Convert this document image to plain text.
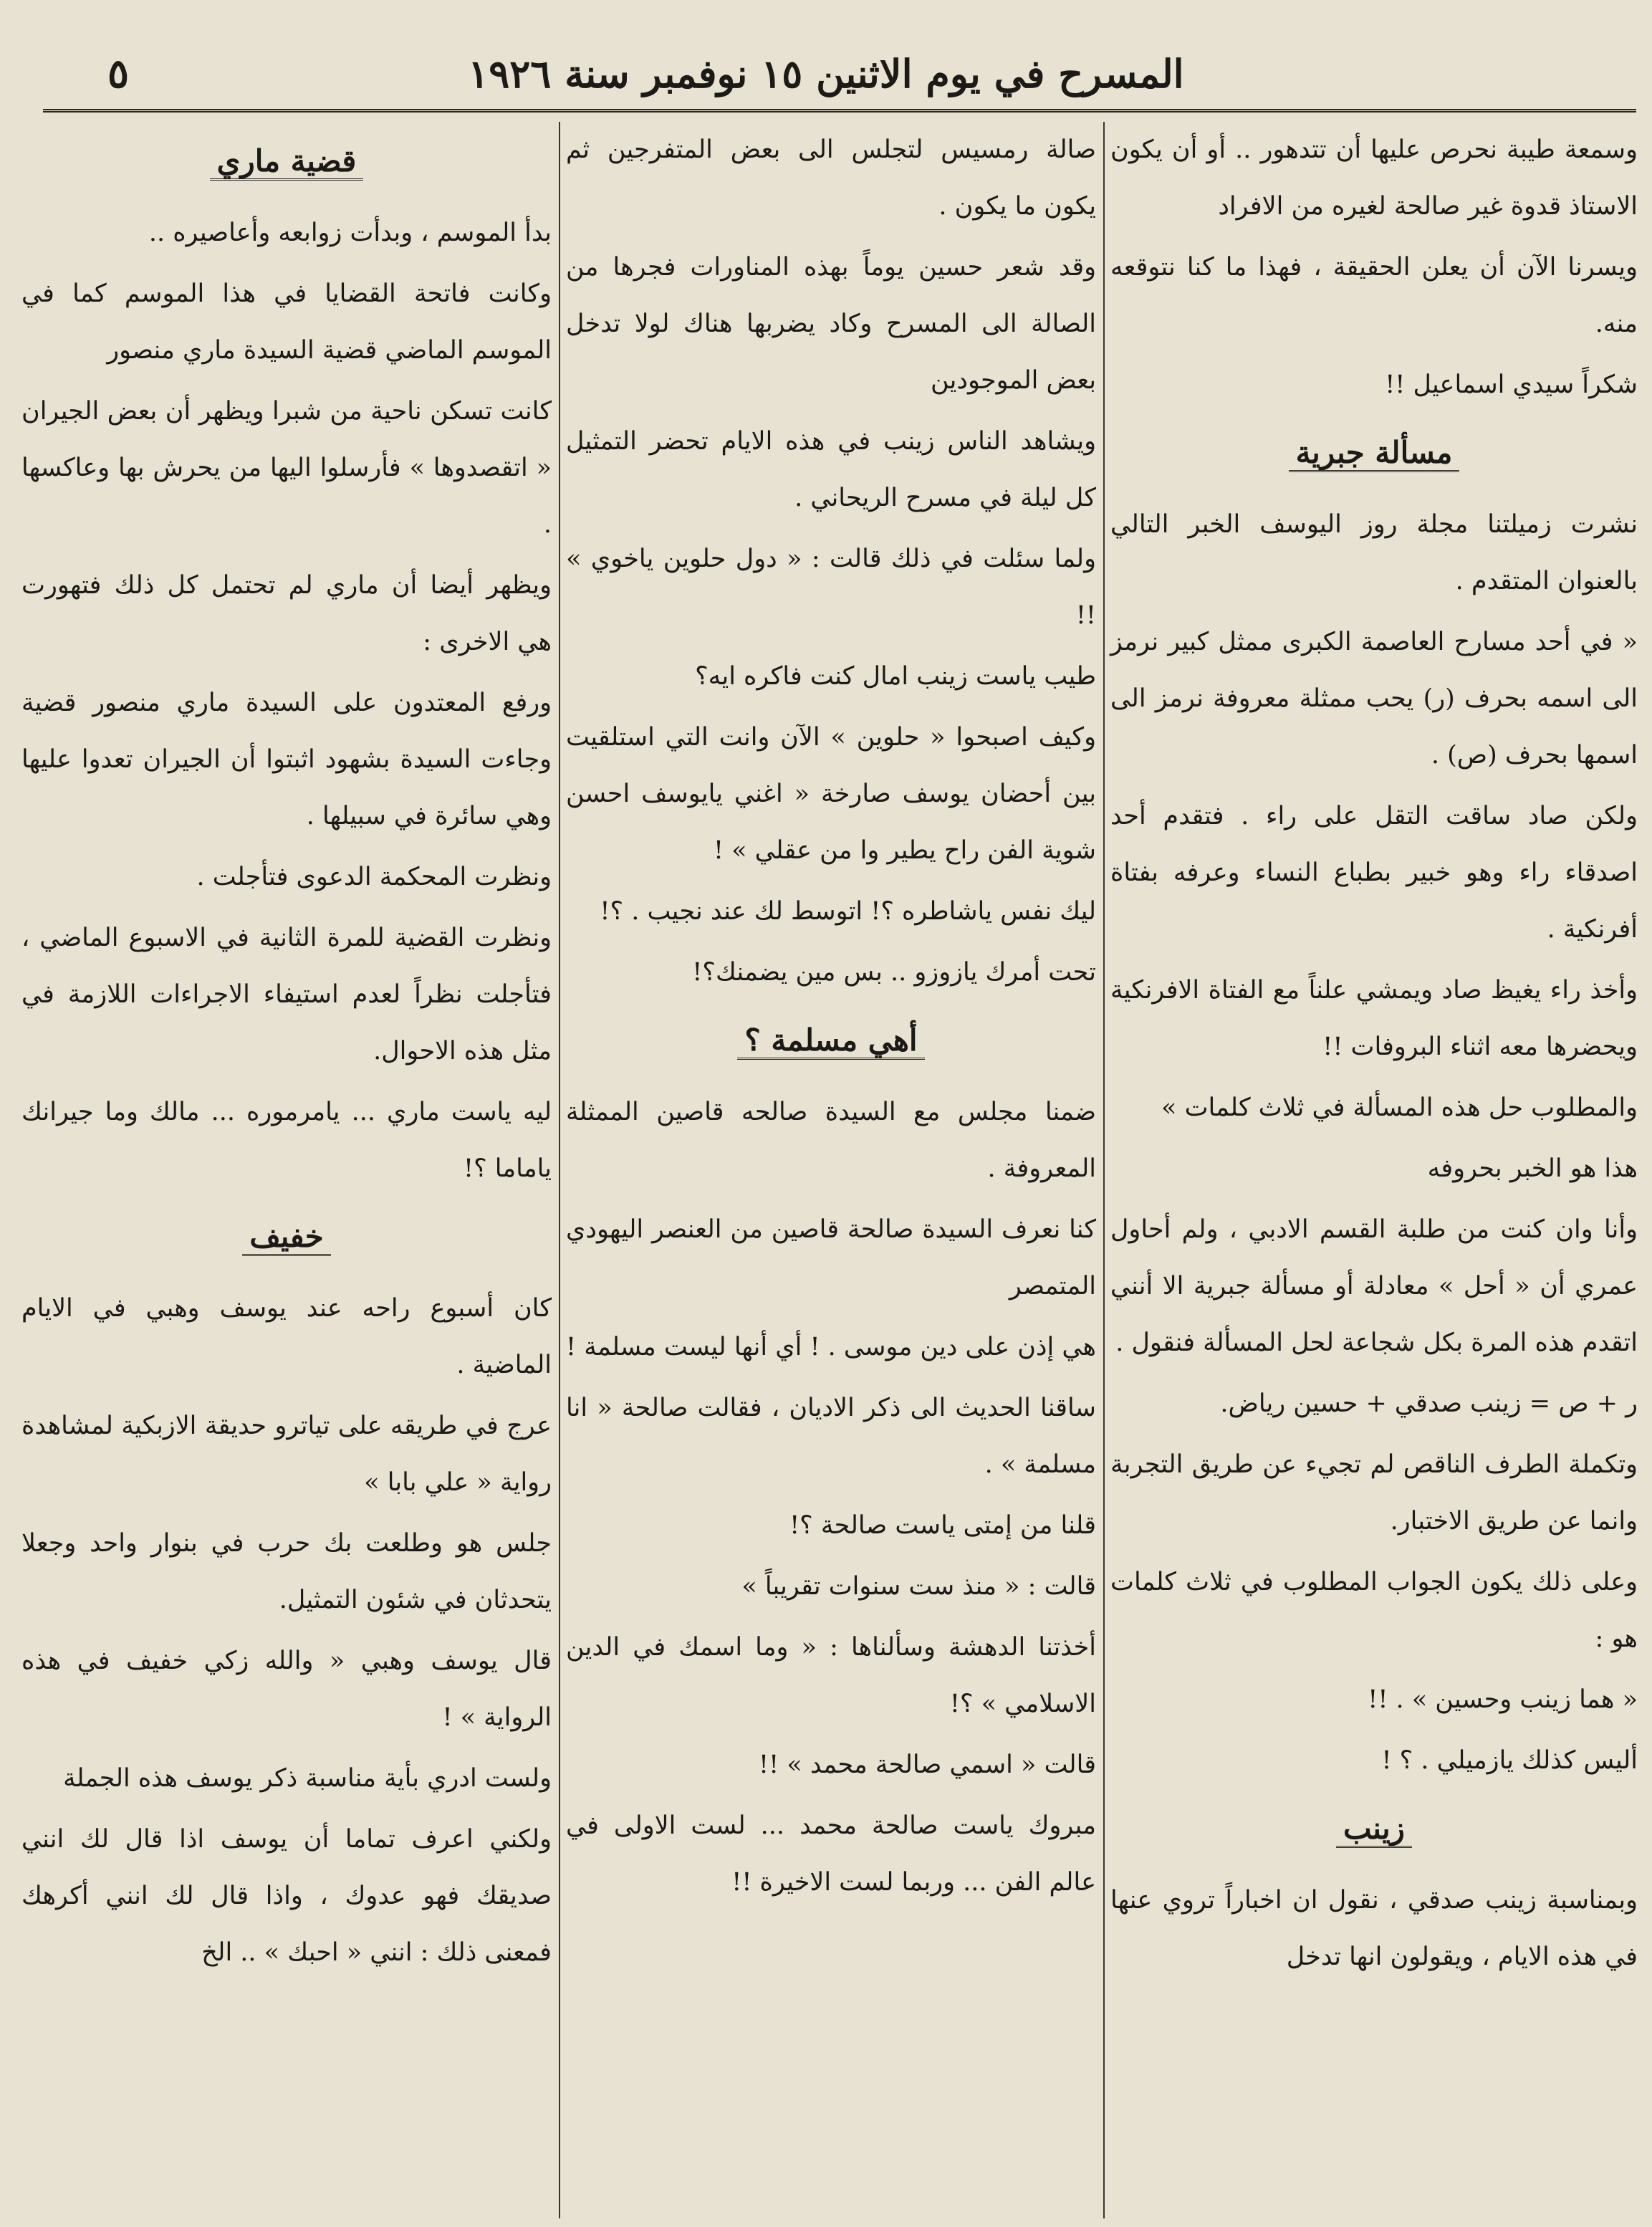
المسرح في يوم الاثنين ١٥ نوفمبر سنة ١٩٢٦
٥

وسمعة طيبة نحرص عليها أن تتدهور .. أو أن يكون الاستاذ قدوة غير صالحة لغيره من الافراد

ويسرنا الآن أن يعلن الحقيقة ، فهذا ما كنا نتوقعه منه.

شكراً سيدي اسماعيل !!

مسألة جبرية

نشرت زميلتنا مجلة روز اليوسف الخبر التالي بالعنوان المتقدم .

« في أحد مسارح العاصمة الكبرى ممثل كبير نرمز الى اسمه بحرف (ر) يحب ممثلة معروفة نرمز الى اسمها بحرف (ص) .

ولكن صاد ساقت التقل على راء . فتقدم أحد اصدقاء راء وهو خبير بطباع النساء وعرفه بفتاة أفرنكية .

وأخذ راء يغيظ صاد ويمشي علناً مع الفتاة الافرنكية ويحضرها معه اثناء البروفات !!

والمطلوب حل هذه المسألة في ثلاث كلمات »

هذا هو الخبر بحروفه

وأنا وان كنت من طلبة القسم الادبي ، ولم أحاول عمري أن « أحل » معادلة أو مسألة جبرية الا أنني اتقدم هذه المرة بكل شجاعة لحل المسألة فنقول .

ر + ص = زينب صدقي + حسين رياض.

وتكملة الطرف الناقص لم تجيء عن طريق التجربة وانما عن طريق الاختبار.

وعلى ذلك يكون الجواب المطلوب في ثلاث كلمات هو :

« هما زينب وحسين » . !!

أليس كذلك يازميلي . ؟ !

زينب

وبمناسبة زينب صدقي ، نقول ان اخباراً تروي عنها في هذه الايام ، ويقولون انها تدخل

صالة رمسيس لتجلس الى بعض المتفرجين ثم يكون ما يكون .

وقد شعر حسين يوماً بهذه المناورات فجرها من الصالة الى المسرح وكاد يضربها هناك لولا تدخل بعض الموجودين

ويشاهد الناس زينب في هذه الايام تحضر التمثيل كل ليلة في مسرح الريحاني .

ولما سئلت في ذلك قالت : « دول حلوين ياخوي » !!

طيب ياست زينب امال كنت فاكره ايه؟

وكيف اصبحوا « حلوين » الآن وانت التي استلقيت بين أحضان يوسف صارخة « اغني يايوسف احسن شوية الفن راح يطير وا من عقلي » !

ليك نفس ياشاطره ؟! اتوسط لك عند نجيب . ؟!

تحت أمرك يازوزو .. بس مين يضمنك؟!

أهي مسلمة ؟

ضمنا مجلس مع السيدة صالحه قاصين الممثلة المعروفة .

كنا نعرف السيدة صالحة قاصين من العنصر اليهودي المتمصر

هي إذن على دين موسى . ! أي أنها ليست مسلمة !

ساقنا الحديث الى ذكر الاديان ، فقالت صالحة « انا مسلمة » .

قلنا من إمتى ياست صالحة ؟!

قالت : « منذ ست سنوات تقريباً »

أخذتنا الدهشة وسألناها : « وما اسمك في الدين الاسلامي » ؟!

قالت « اسمي صالحة محمد » !!

مبروك ياست صالحة محمد ... لست الاولى في عالم الفن ... وربما لست الاخيرة !!

قضية ماري

بدأ الموسم ، وبدأت زوابعه وأعاصيره ..

وكانت فاتحة القضايا في هذا الموسم كما في الموسم الماضي قضية السيدة ماري منصور

كانت تسكن ناحية من شبرا ويظهر أن بعض الجيران « اتقصدوها » فأرسلوا اليها من يحرش بها وعاكسها .

ويظهر أيضا أن ماري لم تحتمل كل ذلك فتهورت هي الاخرى :

ورفع المعتدون على السيدة ماري منصور قضية وجاءت السيدة بشهود اثبتوا أن الجيران تعدوا عليها وهي سائرة في سبيلها .

ونظرت المحكمة الدعوى فتأجلت .

ونظرت القضية للمرة الثانية في الاسبوع الماضي ، فتأجلت نظراً لعدم استيفاء الاجراءات اللازمة في مثل هذه الاحوال.

ليه ياست ماري ... يامرموره ... مالك وما جيرانك ياماما ؟!

خفيف

كان أسبوع راحه عند يوسف وهبي في الايام الماضية .

عرج في طريقه على تياترو حديقة الازبكية لمشاهدة رواية « علي بابا »

جلس هو وطلعت بك حرب في بنوار واحد وجعلا يتحدثان في شئون التمثيل.

قال يوسف وهبي « والله زكي خفيف في هذه الرواية » !

ولست ادري بأية مناسبة ذكر يوسف هذه الجملة

ولكني اعرف تماما أن يوسف اذا قال لك انني صديقك فهو عدوك ، واذا قال لك انني أكرهك فمعنى ذلك : انني « احبك » .. الخ
